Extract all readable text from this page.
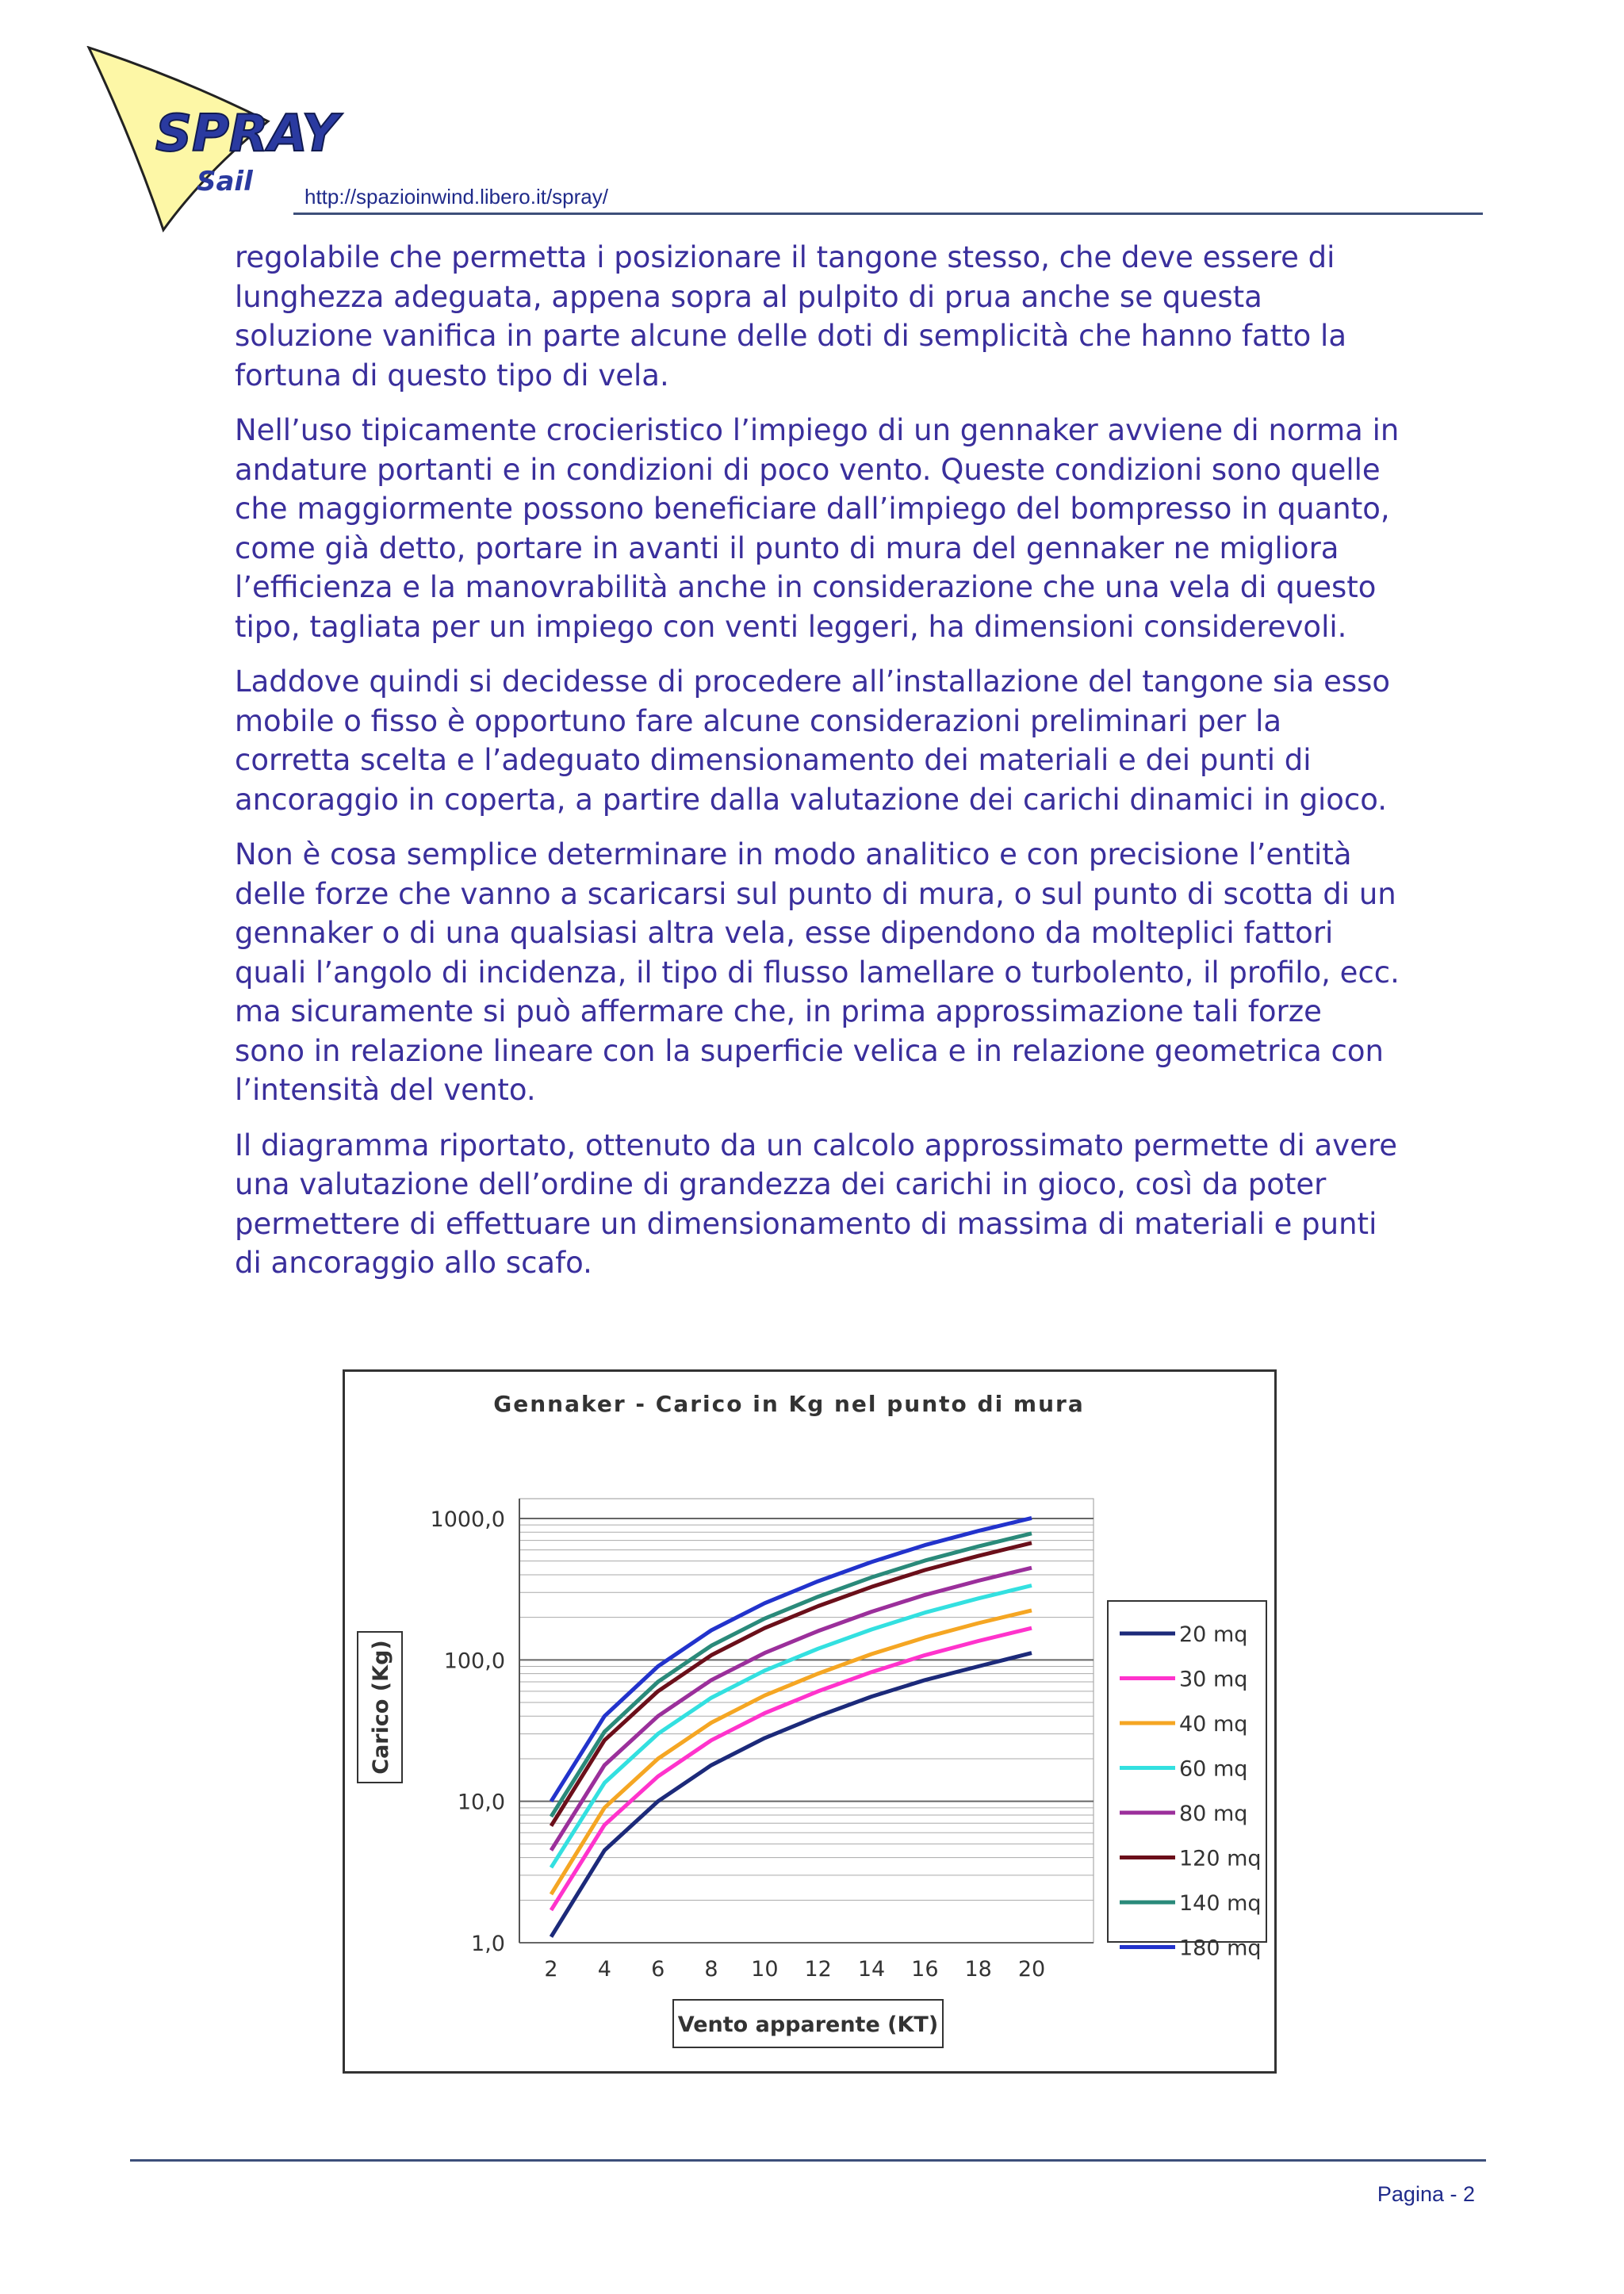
SPRAY
Sail	http://spazioinwind.libero.it/spray/

regolabile che permetta i posizionare il tangone stesso, che deve essere di lunghezza adeguata, appena sopra al pulpito di prua anche se questa soluzione vanifica in parte alcune delle doti di semplicità che hanno fatto la fortuna di questo tipo di vela.

Nell’uso tipicamente crocieristico l’impiego di un gennaker avviene di norma in andature portanti e in condizioni di poco vento. Queste condizioni sono quelle che maggiormente possono beneficiare dall’impiego del bompresso in quanto, come già detto, portare in avanti il punto di mura del gennaker ne migliora l’efficienza e la manovrabilità anche in considerazione che una vela di questo tipo, tagliata per un impiego con venti leggeri, ha dimensioni considerevoli.

Laddove quindi si decidesse di procedere all’installazione del tangone sia esso mobile o fisso è opportuno fare alcune considerazioni preliminari per la corretta scelta e l’adeguato dimensionamento dei materiali e dei punti di ancoraggio in coperta, a partire dalla valutazione dei carichi dinamici in gioco.

Non è cosa semplice determinare in modo analitico e con precisione l’entità delle forze che vanno a scaricarsi sul punto di mura, o sul punto di scotta di un gennaker o di una qualsiasi altra vela, esse dipendono da molteplici fattori quali l’angolo di incidenza, il tipo di flusso lamellare o turbolento, il profilo, ecc. ma sicuramente si può affermare che, in prima approssimazione tali forze sono in relazione lineare con la superficie velica e in relazione geometrica con l’intensità del vento.

Il diagramma riportato, ottenuto da un calcolo approssimato permette di avere una valutazione dell’ordine di grandezza dei carichi in gioco, così da poter permettere di effettuare un dimensionamento di massima di materiali e punti di ancoraggio allo scafo.

Gennaker - Carico in Kg nel punto di mura
Carico (Kg)
Vento apparente (KT)
1,0
10,0
100,0
1000,0
2 4 6 8 10 12 14 16 18 20
20 mq
30 mq
40 mq
60 mq
80 mq
120 mq
140 mq
180 mq
Pagina - 2
